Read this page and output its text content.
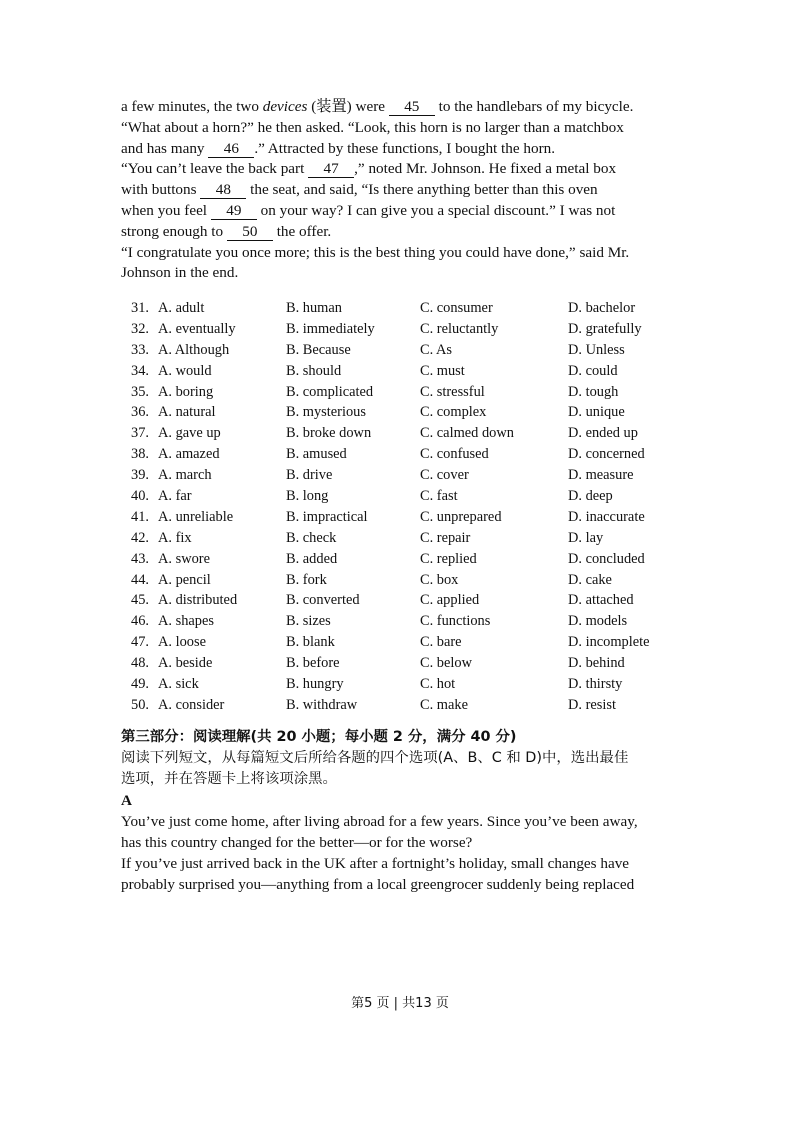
a few minutes, the two devices (装置) were 45 to the handlebars of my bicycle.

“What about a horn?” he then asked. “Look, this horn is no larger than a matchbox

and has many 46 .” Attracted by these functions, I bought the horn.

“You can’t leave the back part 47 ,” noted Mr. Johnson. He fixed a metal box

with buttons 48 the seat, and said, “Is there anything better than this oven

when you feel 49 on your way? I can give you a special discount.” I was not

strong enough to 50 the offer.

“I congratulate you once more; this is the best thing you could have done,” said Mr.

Johnson in the end.

31. A. adult	B. human	C. consumer	D. bachelor
32. A. eventually	B. immediately	C. reluctantly	D. gratefully
33. A. Although	B. Because	C. As	D. Unless
34. A. would	B. should	C. must	D. could
35. A. boring	B. complicated	C. stressful	D. tough
36. A. natural	B. mysterious	C. complex	D. unique
37. A. gave up	B. broke down	C. calmed down	D. ended up
38. A. amazed	B. amused	C. confused	D. concerned
39. A. march	B. drive	C. cover	D. measure
40. A. far	B. long	C. fast	D. deep
41. A. unreliable	B. impractical	C. unprepared	D. inaccurate
42. A. fix	B. check	C. repair	D. lay
43. A. swore	B. added	C. replied	D. concluded
44. A. pencil	B. fork	C. box	D. cake
45. A. distributed	B. converted	C. applied	D. attached
46. A. shapes	B. sizes	C. functions	D. models
47. A. loose	B. blank	C. bare	D. incomplete
48. A. beside	B. before	C. below	D. behind
49. A. sick	B. hungry	C. hot	D. thirsty
50. A. consider	B. withdraw	C. make	D. resist

第三部分：阅读理解(共 20 小题；每小题 2 分，满分 40 分)

阅读下列短文，从每篇短文后所给各题的四个选项(A、B、C 和 D)中，选出最佳

选项，并在答题卡上将该项涂黑。

A

You’ve just come home, after living abroad for a few years. Since you’ve been away,

has this country changed for the better—or for the worse?

If you’ve just arrived back in the UK after a fortnight’s holiday, small changes have

probably surprised you—anything from a local greengrocer suddenly being replaced

第5 页 | 共13 页
